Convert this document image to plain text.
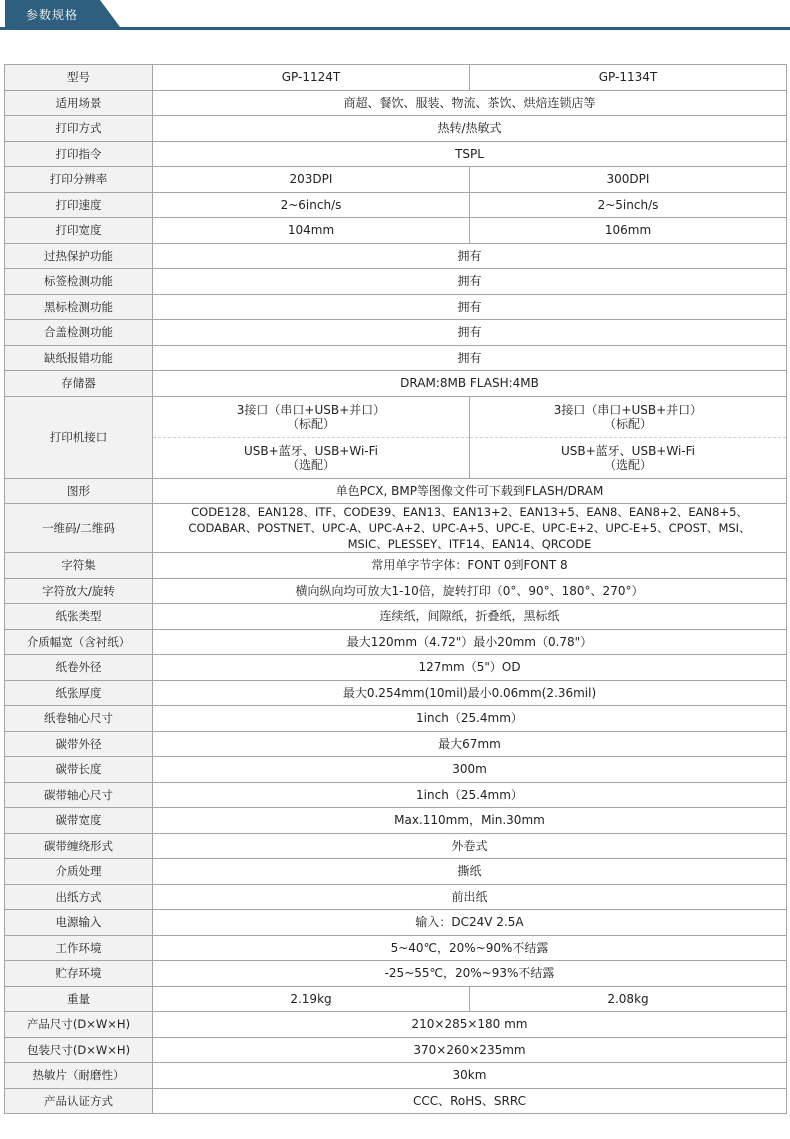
参数规格
型号	GP-1124T	GP-1134T
适用场景	商超、餐饮、服装、物流、茶饮、烘焙连锁店等	
打印方式	热转/热敏式	
打印指令	TSPL	
打印分辨率	203DPI	300DPI
打印速度	2~6inch/s	2~5inch/s
打印宽度	104mm	106mm
过热保护功能	拥有	
标签检测功能	拥有	
黑标检测功能	拥有	
合盖检测功能	拥有	
缺纸报错功能	拥有	
存储器	DRAM:8MB FLASH:4MB	
打印机接口	3接口（串口+USB+并口）（标配）	3接口（串口+USB+并口）（标配）

	USB+蓝牙、USB+Wi-Fi（选配）	USB+蓝牙、USB+Wi-Fi（选配）

图形	单色PCX, BMP等图像文件可下载到FLASH/DRAM	
一维码/二维码	CODE128、EAN128、ITF、CODE39、EAN13、EAN13+2、EAN13+5、EAN8、EAN8+2、EAN8+5、CODABAR、POSTNET、UPC-A、UPC-A+2、UPC-A+5、UPC-E、UPC-E+2、UPC-E+5、CPOST、MSI、MSIC、PLESSEY、ITF14、EAN14、QRCODE	

字符集	常用单字节字体：FONT 0到FONT 8	
字符放大/旋转	横向纵向均可放大1-10倍，旋转打印（0°、90°、180°、270°）	
纸张类型	连续纸，间隙纸，折叠纸，黑标纸	
介质幅宽（含衬纸）	最大120mm（4.72"）最小20mm（0.78"）	
纸卷外径	127mm（5"）OD	
纸张厚度	最大0.254mm(10mil)最小0.06mm(2.36mil)	
纸卷轴心尺寸	1inch（25.4mm）	
碳带外径	最大67mm	
碳带长度	300m	
碳带轴心尺寸	1inch（25.4mm）	
碳带宽度	Max.110mm，Min.30mm	
碳带缠绕形式	外卷式	
介质处理	撕纸	
出纸方式	前出纸	
电源输入	输入：DC24V 2.5A	
工作环境	5~40℃，20%~90%不结露	
贮存环境	-25~55℃，20%~93%不结露	
重量	2.19kg	2.08kg
产品尺寸(D×W×H)	210×285×180 mm	
包装尺寸(D×W×H)	370×260×235mm	
热敏片（耐磨性）	30km	
产品认证方式	CCC、RoHS、SRRC	
